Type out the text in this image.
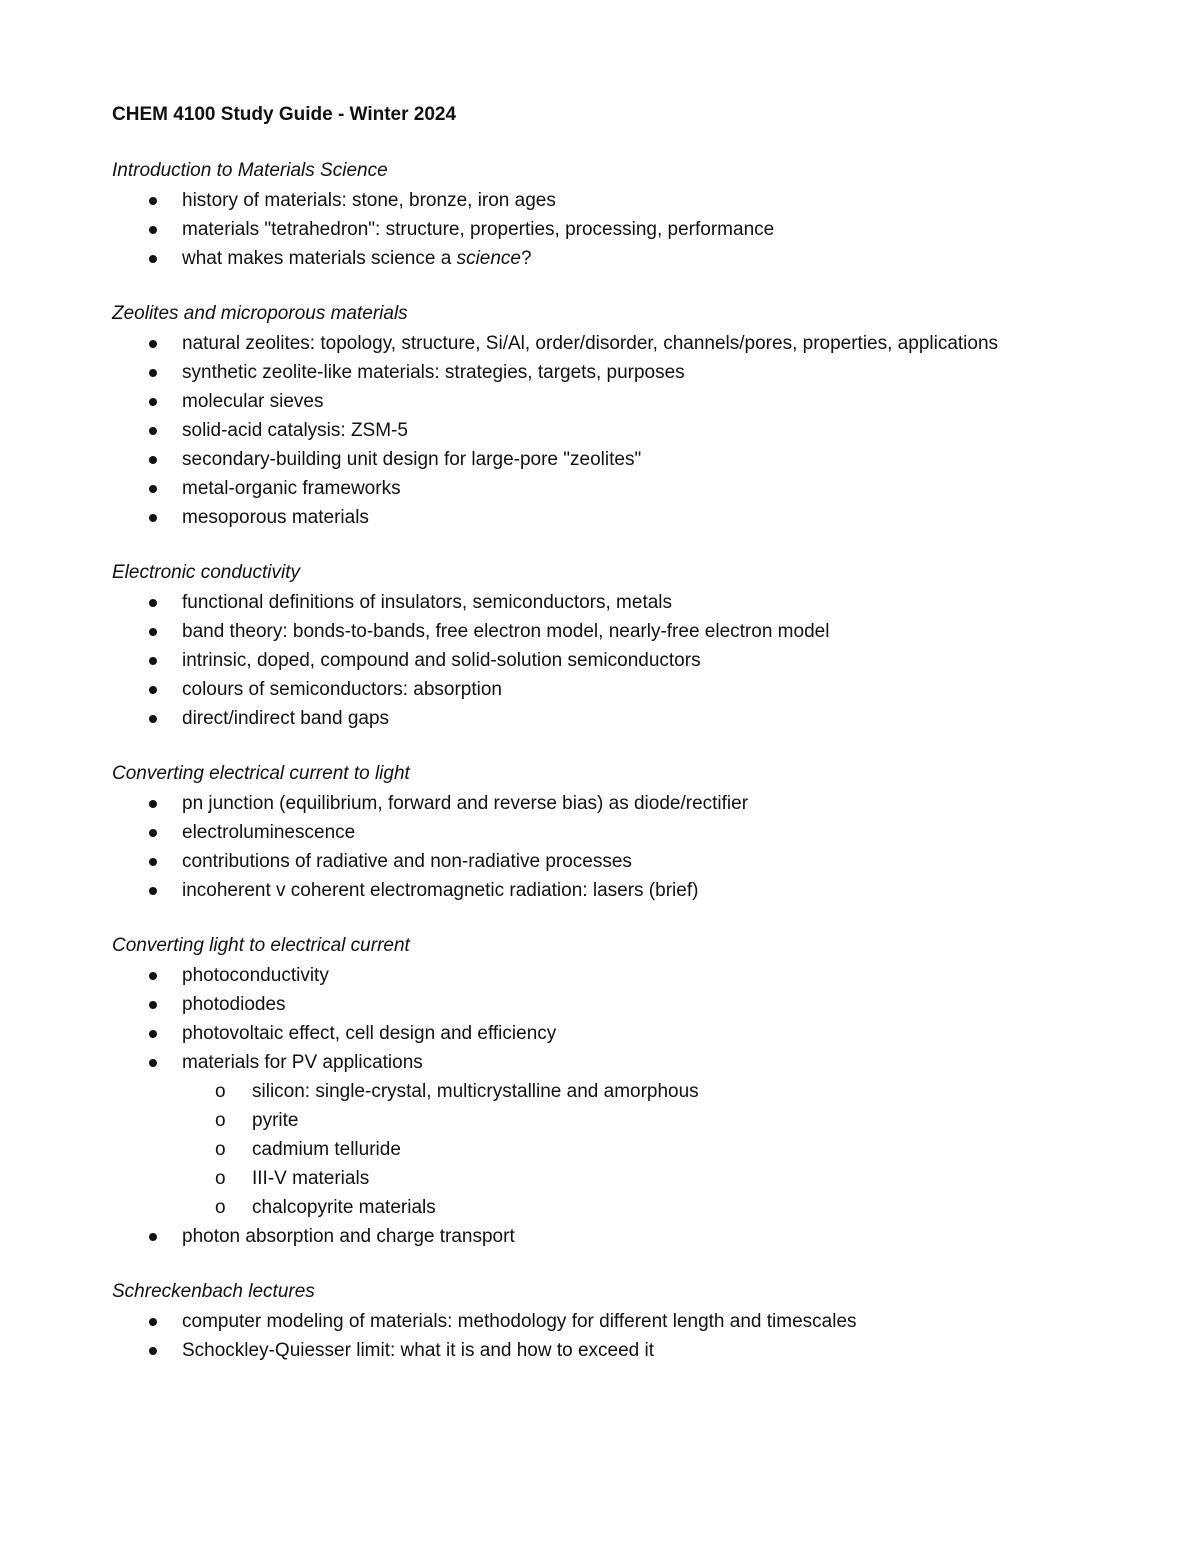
CHEM 4100 Study Guide - Winter 2024
Introduction to Materials Science
history of materials: stone, bronze, iron ages
materials "tetrahedron": structure, properties, processing, performance
what makes materials science a science?
Zeolites and microporous materials
natural zeolites: topology, structure, Si/Al, order/disorder, channels/pores, properties, applications
synthetic zeolite-like materials: strategies, targets, purposes
molecular sieves
solid-acid catalysis: ZSM-5
secondary-building unit design for large-pore "zeolites"
metal-organic frameworks
mesoporous materials
Electronic conductivity
functional definitions of insulators, semiconductors, metals
band theory: bonds-to-bands, free electron model, nearly-free electron model
intrinsic, doped, compound and solid-solution semiconductors
colours of semiconductors: absorption
direct/indirect band gaps
Converting electrical current to light
pn junction (equilibrium, forward and reverse bias) as diode/rectifier
electroluminescence
contributions of radiative and non-radiative processes
incoherent v coherent electromagnetic radiation: lasers (brief)
Converting light to electrical current
photoconductivity
photodiodes
photovoltaic effect, cell design and efficiency
materials for PV applications
o silicon: single-crystal, multicrystalline and amorphous
o pyrite
o cadmium telluride
o III-V materials
o chalcopyrite materials
photon absorption and charge transport
Schreckenbach lectures
computer modeling of materials: methodology for different length and timescales
Schockley-Quiesser limit: what it is and how to exceed it
